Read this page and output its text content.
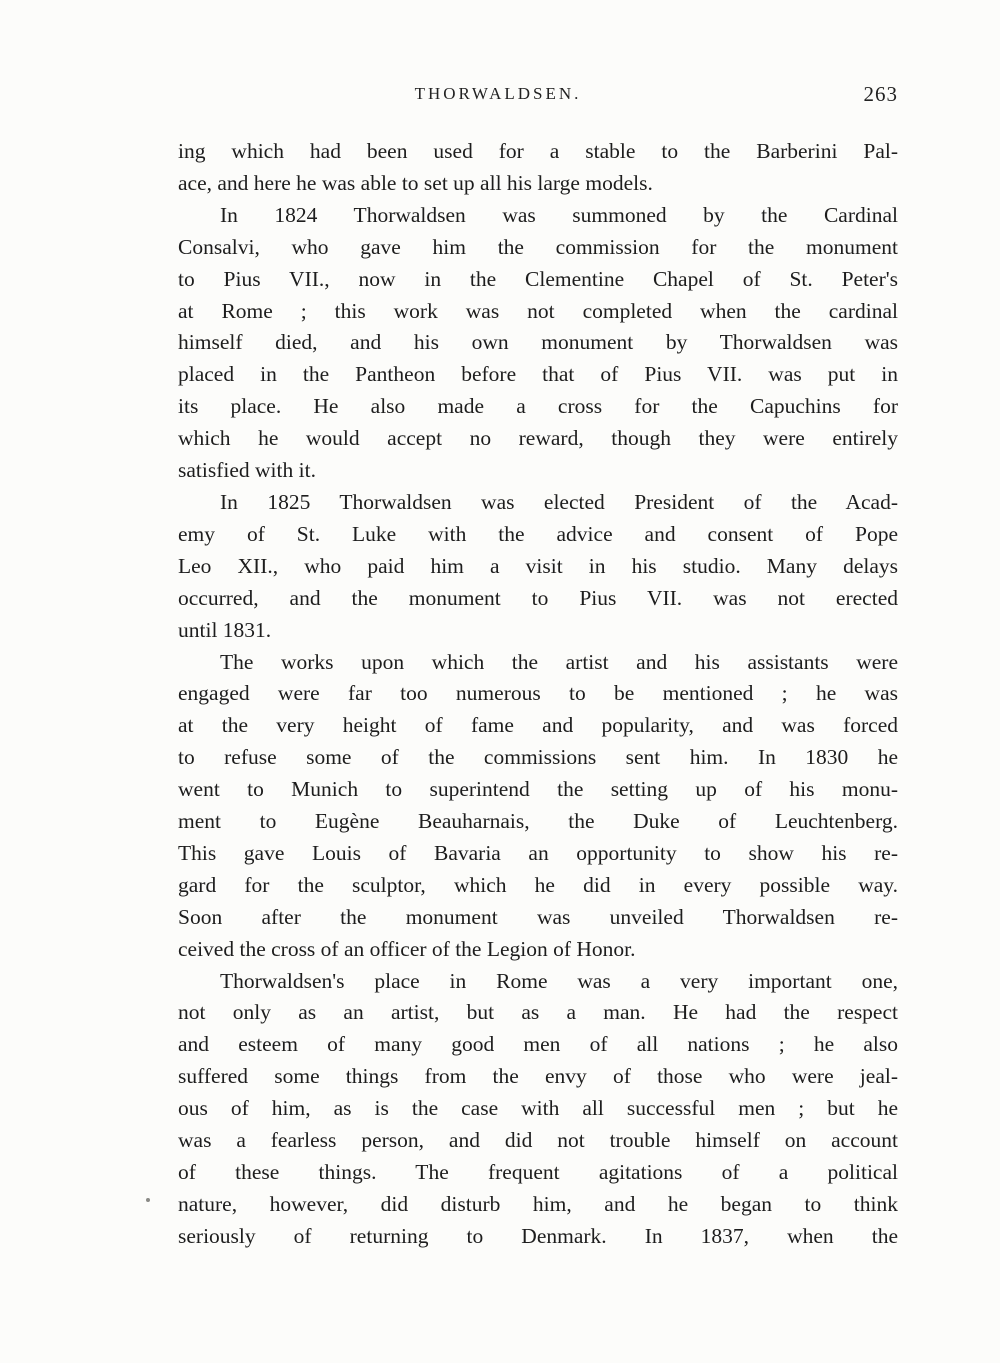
THORWALDSEN.	263
ing which had been used for a stable to the Barberini Pal-
ace, and here he was able to set up all his large models.
In 1824 Thorwaldsen was summoned by the Cardinal
Consalvi, who gave him the commission for the monument
to Pius VII., now in the Clementine Chapel of St. Peter's
at Rome ; this work was not completed when the cardinal
himself died, and his own monument by Thorwaldsen was
placed in the Pantheon before that of Pius VII. was put in
its place. He also made a cross for the Capuchins for
which he would accept no reward, though they were entirely
satisfied with it.
In 1825 Thorwaldsen was elected President of the Acad-
emy of St. Luke with the advice and consent of Pope
Leo XII., who paid him a visit in his studio. Many delays
occurred, and the monument to Pius VII. was not erected
until 1831.
The works upon which the artist and his assistants were
engaged were far too numerous to be mentioned ; he was
at the very height of fame and popularity, and was forced
to refuse some of the commissions sent him. In 1830 he
went to Munich to superintend the setting up of his monu-
ment to Eugène Beauharnais, the Duke of Leuchtenberg.
This gave Louis of Bavaria an opportunity to show his re-
gard for the sculptor, which he did in every possible way.
Soon after the monument was unveiled Thorwaldsen re-
ceived the cross of an officer of the Legion of Honor.
Thorwaldsen's place in Rome was a very important one,
not only as an artist, but as a man. He had the respect
and esteem of many good men of all nations ; he also
suffered some things from the envy of those who were jeal-
ous of him, as is the case with all successful men ; but he
was a fearless person, and did not trouble himself on account
of these things. The frequent agitations of a political
nature, however, did disturb him, and he began to think
seriously of returning to Denmark. In 1837, when the
